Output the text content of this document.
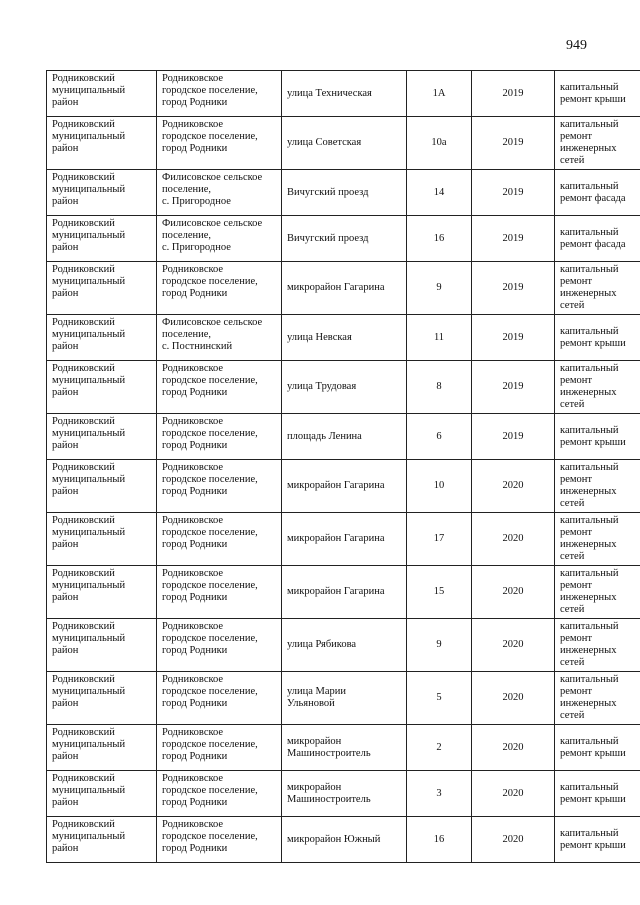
949
Родниковский
муниципальный
район	Родниковское
городское поселение,
город Родники	улица Техническая	1А	2019	капитальный
ремонт крыши
Родниковский
муниципальный
район	Родниковское
городское поселение,
город Родники	улица Советская	10а	2019	капитальный
ремонт
инженерных
сетей
Родниковский
муниципальный
район	Филисовское сельское
поселение,
с. Пригородное	Вичугский проезд	14	2019	капитальный
ремонт фасада
Родниковский
муниципальный
район	Филисовское сельское
поселение,
с. Пригородное	Вичугский проезд	16	2019	капитальный
ремонт фасада
Родниковский
муниципальный
район	Родниковское
городское поселение,
город Родники	микрорайон Гагарина	9	2019	капитальный
ремонт
инженерных
сетей
Родниковский
муниципальный
район	Филисовское сельское
поселение,
с. Постнинский	улица Невская	11	2019	капитальный
ремонт крыши
Родниковский
муниципальный
район	Родниковское
городское поселение,
город Родники	улица Трудовая	8	2019	капитальный
ремонт
инженерных
сетей
Родниковский
муниципальный
район	Родниковское
городское поселение,
город Родники	площадь Ленина	6	2019	капитальный
ремонт крыши
Родниковский
муниципальный
район	Родниковское
городское поселение,
город Родники	микрорайон Гагарина	10	2020	капитальный
ремонт
инженерных
сетей
Родниковский
муниципальный
район	Родниковское
городское поселение,
город Родники	микрорайон Гагарина	17	2020	капитальный
ремонт
инженерных
сетей
Родниковский
муниципальный
район	Родниковское
городское поселение,
город Родники	микрорайон Гагарина	15	2020	капитальный
ремонт
инженерных
сетей
Родниковский
муниципальный
район	Родниковское
городское поселение,
город Родники	улица Рябикова	9	2020	капитальный
ремонт
инженерных
сетей
Родниковский
муниципальный
район	Родниковское
городское поселение,
город Родники	улица Марии
Ульяновой	5	2020	капитальный
ремонт
инженерных
сетей
Родниковский
муниципальный
район	Родниковское
городское поселение,
город Родники	микрорайон
Машиностроитель	2	2020	капитальный
ремонт крыши
Родниковский
муниципальный
район	Родниковское
городское поселение,
город Родники	микрорайон
Машиностроитель	3	2020	капитальный
ремонт крыши
Родниковский
муниципальный
район	Родниковское
городское поселение,
город Родники	микрорайон Южный	16	2020	капитальный
ремонт крыши
